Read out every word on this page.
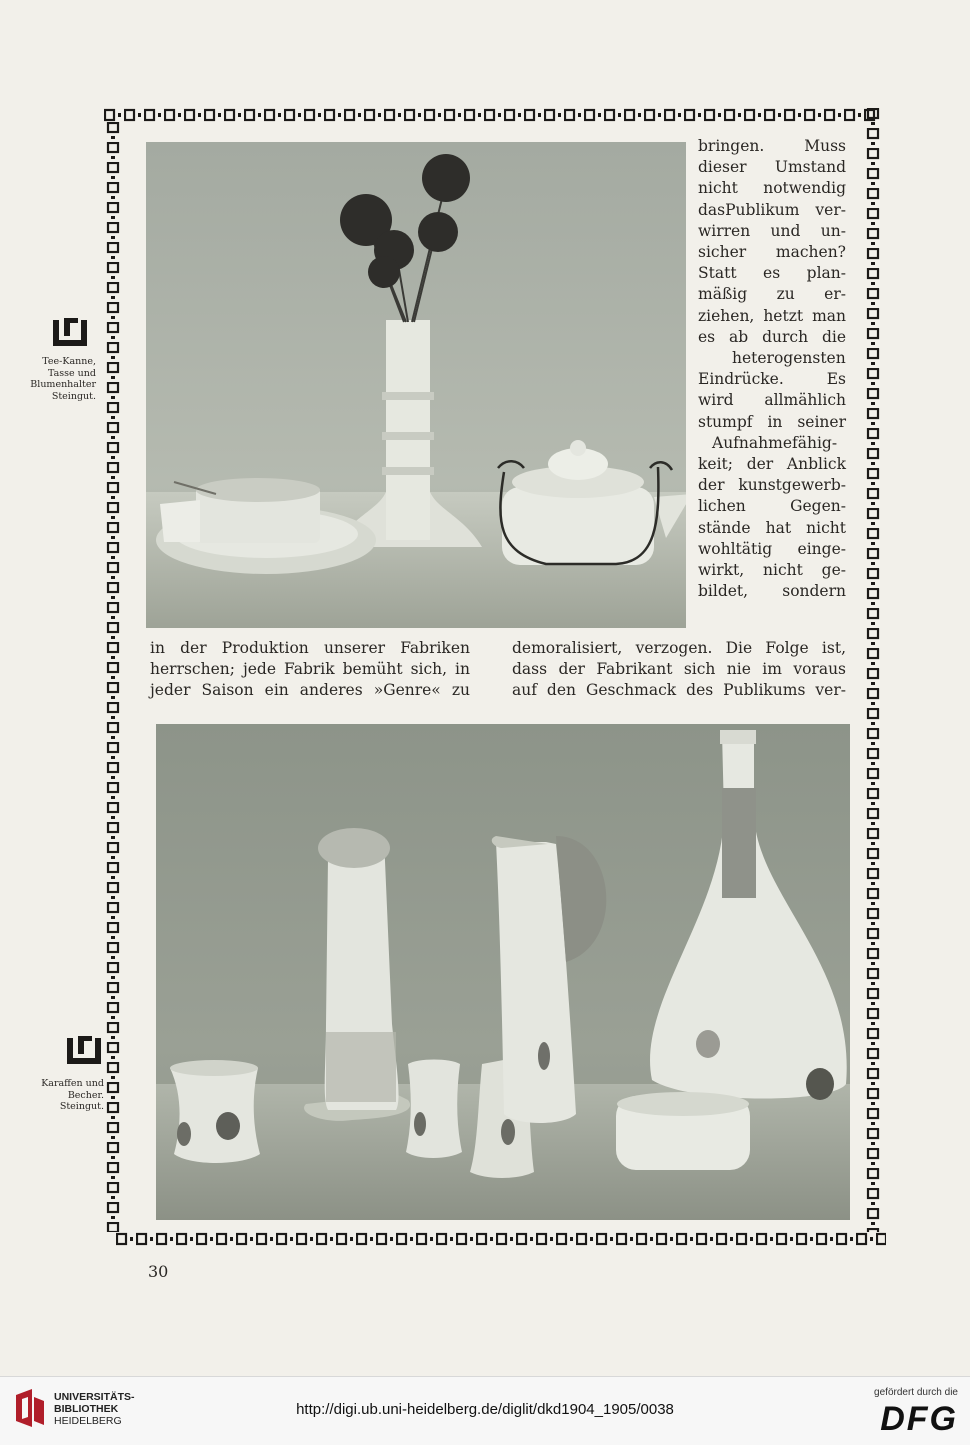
Tee-Kanne,
Tasse und
Blumenhalter
Steingut.
Karaffen und
Becher.
Steingut.
bringen. Muss
dieser Umstand
nicht notwendig
dasPublikum ver-
wirren und un-
sicher machen?
Statt es plan-
mäßig zu er-
ziehen, hetzt man
es ab durch die
heterogensten
Eindrücke. Es
wird allmählich
stumpf in seiner
Aufnahmefähig-
keit; der Anblick
der kunstgewerb-
lichen Gegen-
stände hat nicht
wohltätig einge-
wirkt, nicht ge-
bildet, sondern
in der Produktion unserer Fabriken
herrschen; jede Fabrik bemüht sich, in
jeder Saison ein anderes »Genre« zu
demoralisiert, verzogen. Die Folge ist,
dass der Fabrikant sich nie im voraus
auf den Geschmack des Publikums ver-
30
UNIVERSITÄTS-
BIBLIOTHEK
HEIDELBERG
http://digi.ub.uni-heidelberg.de/diglit/dkd1904_1905/0038
gefördert durch die
DFG
